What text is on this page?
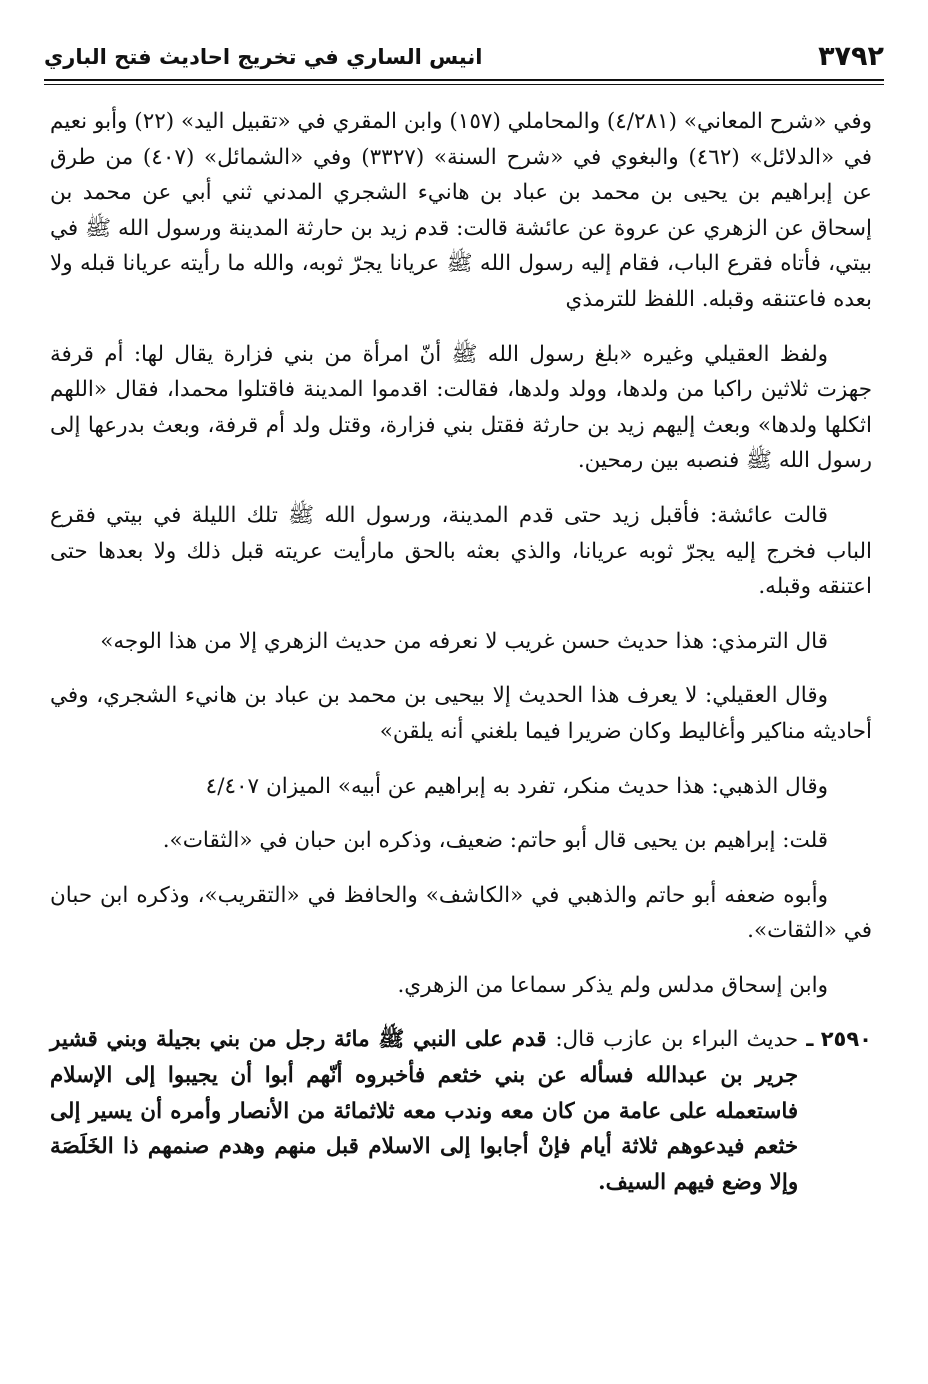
٣٧٩٢
انيس الساري في تخريج احاديث فتح الباري

وفي «شرح المعاني» (٤/٢٨١) والمحاملي (١٥٧) وابن المقري في «تقبيل اليد» (٢٢) وأبو نعيم في «الدلائل» (٤٦٢) والبغوي في «شرح السنة» (٣٣٢٧) وفي «الشمائل» (٤٠٧) من طرق عن إبراهيم بن يحيى بن محمد بن عباد بن هانيء الشجري المدني ثني أبي عن محمد بن إسحاق عن الزهري عن عروة عن عائشة قالت: قدم زيد بن حارثة المدينة ورسول الله ﷺ في بيتي، فأتاه فقرع الباب، فقام إليه رسول الله ﷺ عريانا يجرّ ثوبه، والله ما رأيته عريانا قبله ولا بعده فاعتنقه وقبله. اللفظ للترمذي

ولفظ العقيلي وغيره «بلغ رسول الله ﷺ أنّ امرأة من بني فزارة يقال لها: أم قرفة جهزت ثلاثين راكبا من ولدها، وولد ولدها، فقالت: اقدموا المدينة فاقتلوا محمدا، فقال «اللهم اثكلها ولدها» وبعث إليهم زيد بن حارثة فقتل بني فزارة، وقتل ولد أم قرفة، وبعث بدرعها إلى رسول الله ﷺ فنصبه بين رمحين.

قالت عائشة: فأقبل زيد حتى قدم المدينة، ورسول الله ﷺ تلك الليلة في بيتي فقرع الباب فخرج إليه يجرّ ثوبه عريانا، والذي بعثه بالحق مارأيت عريته قبل ذلك ولا بعدها حتى اعتنقه وقبله.

قال الترمذي: هذا حديث حسن غريب لا نعرفه من حديث الزهري إلا من هذا الوجه»

وقال العقيلي: لا يعرف هذا الحديث إلا بيحيى بن محمد بن عباد بن هانيء الشجري، وفي أحاديثه مناكير وأغاليط وكان ضريرا فيما بلغني أنه يلقن»

وقال الذهبي: هذا حديث منكر، تفرد به إبراهيم عن أبيه» الميزان ٤/٤٠٧

قلت: إبراهيم بن يحيى قال أبو حاتم: ضعيف، وذكره ابن حبان في «الثقات».

وأبوه ضعفه أبو حاتم والذهبي في «الكاشف» والحافظ في «التقريب»، وذكره ابن حبان في «الثقات».

وابن إسحاق مدلس ولم يذكر سماعا من الزهري.

٢٥٩٠ ـ
حديث البراء بن عازب قال: قدم على النبي ﷺ مائة رجل من بني بجيلة وبني قشير جرير بن عبدالله فسأله عن بني خثعم فأخبروه أنّهم أبوا أن يجيبوا إلى الإسلام فاستعمله على عامة من كان معه وندب معه ثلاثمائة من الأنصار وأمره أن يسير إلى خثعم فيدعوهم ثلاثة أيام فإنْ أجابوا إلى الاسلام قبل منهم وهدم صنمهم ذا الخَلَصَة وإلا وضع فيهم السيف.
